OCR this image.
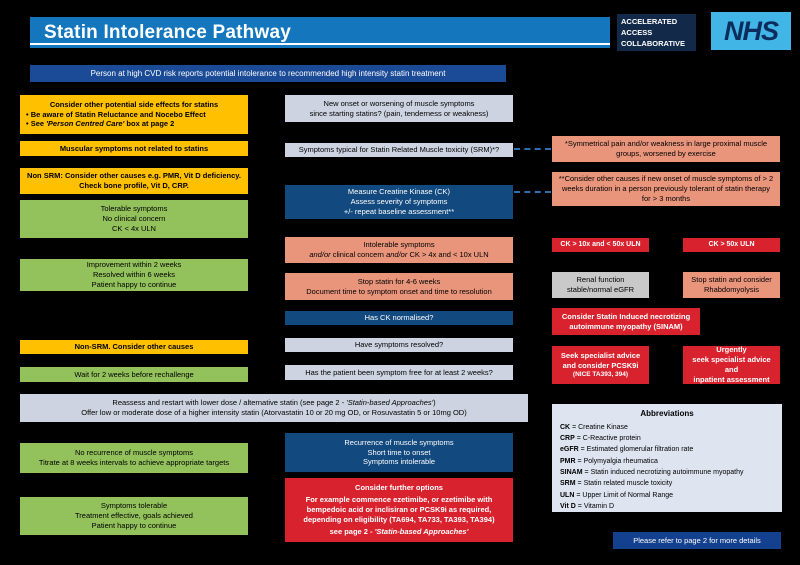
Statin Intolerance Pathway	ACCELERATED
ACCESS
COLLABORATIVE	NHS
Person at high CVD risk reports potential intolerance to recommended high intensity statin treatment
Consider other potential side effects for statins
• Be aware of Statin Reluctance and Nocebo Effect
• See 'Person Centred Care' box at page 2
Muscular symptoms not related to statins
Non SRM: Consider other causes e.g. PMR, Vit D deficiency.
Check bone profile, Vit D, CRP.
Tolerable symptoms
No clinical concern
CK < 4x ULN
Improvement within 2 weeks
Resolved within 6 weeks
Patient happy to continue
Non-SRM. Consider other causes
Wait for 2 weeks before rechallenge
Reassess and restart with lower dose / alternative statin (see page 2 - 'Statin-based Approaches')
Offer low or moderate dose of a higher intensity statin (Atorvastatin 10 or 20 mg OD, or Rosuvastatin 5 or 10mg OD)
No recurrence of muscle symptoms
Titrate at 8 weeks intervals to achieve appropriate targets
Symptoms tolerable
Treatment effective, goals achieved
Patient happy to continue
New onset or worsening of muscle symptoms
since starting statins? (pain, tenderness or weakness)
Symptoms typical for Statin Related Muscle toxicity (SRM)*?
Measure Creatine Kinase (CK)
Assess severity of symptoms
+/- repeat baseline assessment**
Intolerable symptoms
and/or clinical concern and/or CK > 4x and < 10x ULN
Stop statin for 4-6 weeks
Document time to symptom onset and time to resolution
Has CK normalised?
Have symptoms resolved?
Has the patient been symptom free for at least 2 weeks?
Recurrence of muscle symptoms
Short time to onset
Symptoms intolerable
Consider further options
For example commence ezetimibe, or ezetimibe with bempedoic acid or inclisiran or PCSK9i as required, depending on eligibility (TA694, TA733, TA393, TA394)
see page 2 - 'Statin-based Approaches'
*Symmetrical pain and/or weakness in large proximal muscle groups, worsened by exercise
**Consider other causes if new onset of muscle symptoms of > 2 weeks duration in a person previously tolerant of statin therapy for > 3 months
CK > 10x and < 50x ULN	CK > 50x ULN
Renal function
stable/normal eGFR
Stop statin and consider
Rhabdomyolysis
Consider Statin Induced necrotizing
autoimmune myopathy (SINAM)
Seek specialist advice
and consider PCSK9i
(NICE TA393, 394)
Urgently
seek specialist advice and
inpatient assessment
Abbreviations
CK = Creatine Kinase
CRP = C-Reactive protein
eGFR = Estimated glomerular filtration rate
PMR = Polymyalgia rheumatica
SINAM = Statin induced necrotizing autoimmune myopathy
SRM = Statin related muscle toxicity
ULN = Upper Limit of Normal Range
Vit D = Vitamin D
Please refer to page 2 for more details
